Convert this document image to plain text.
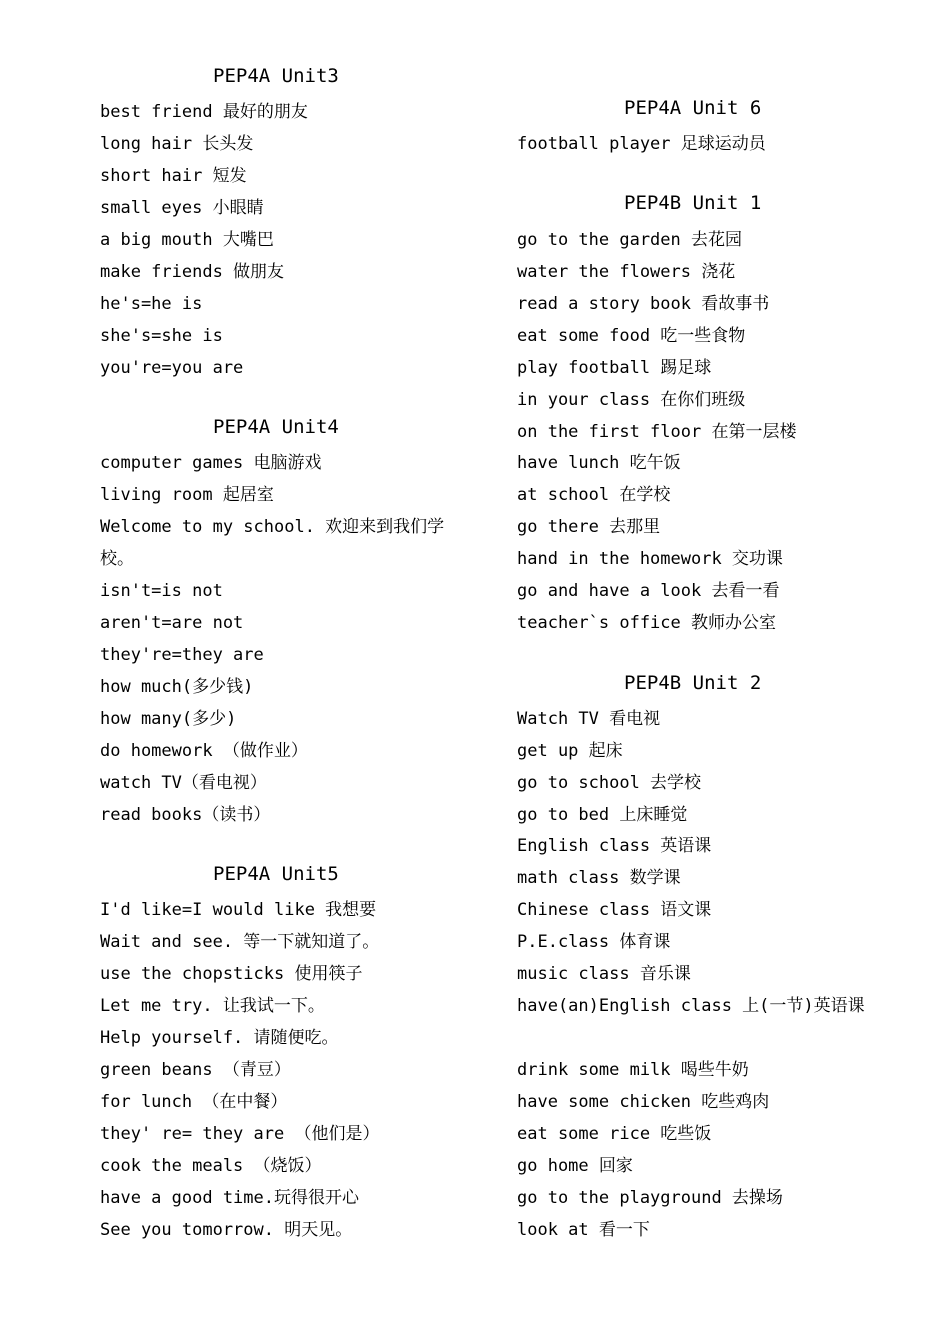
PEP4A Unit3
best friend 最好的朋友
long hair 长头发
short hair 短发
small eyes 小眼睛
a big mouth 大嘴巴
make friends 做朋友
he's=he is
she's=she is
you're=you are
PEP4A Unit4
computer games 电脑游戏
living room 起居室
Welcome to my school. 欢迎来到我们学校。
isn't=is not
aren't=are not
they're=they are
how much(多少钱)
how many(多少)
do homework （做作业）
watch TV（看电视）
read books（读书）
PEP4A Unit5
I'd like=I would like 我想要
Wait and see. 等一下就知道了。
use the chopsticks 使用筷子
Let me try. 让我试一下。
Help yourself. 请随便吃。
green beans （青豆）
for lunch （在中餐）
they' re= they are （他们是）
cook the meals （烧饭）
have a good time.玩得很开心
See you tomorrow. 明天见。
PEP4A Unit 6
football player 足球运动员
PEP4B Unit 1
go to the garden 去花园
water the flowers 浇花
read a story book 看故事书
eat some food 吃一些食物
play football 踢足球
in your class 在你们班级
on the first floor 在第一层楼
have lunch 吃午饭
at school 在学校
go there 去那里
hand in the homework 交功课
go and have a look 去看一看
teacher`s office 教师办公室
PEP4B Unit 2
Watch TV 看电视
get up 起床
go to school 去学校
go to bed 上床睡觉
English class 英语课
math class 数学课
Chinese class 语文课
P.E.class 体育课
music class 音乐课
have(an)English class 上(一节)英语课
drink some milk 喝些牛奶
have some chicken 吃些鸡肉
eat some rice 吃些饭
go home 回家
go to the playground 去操场
look at 看一下
